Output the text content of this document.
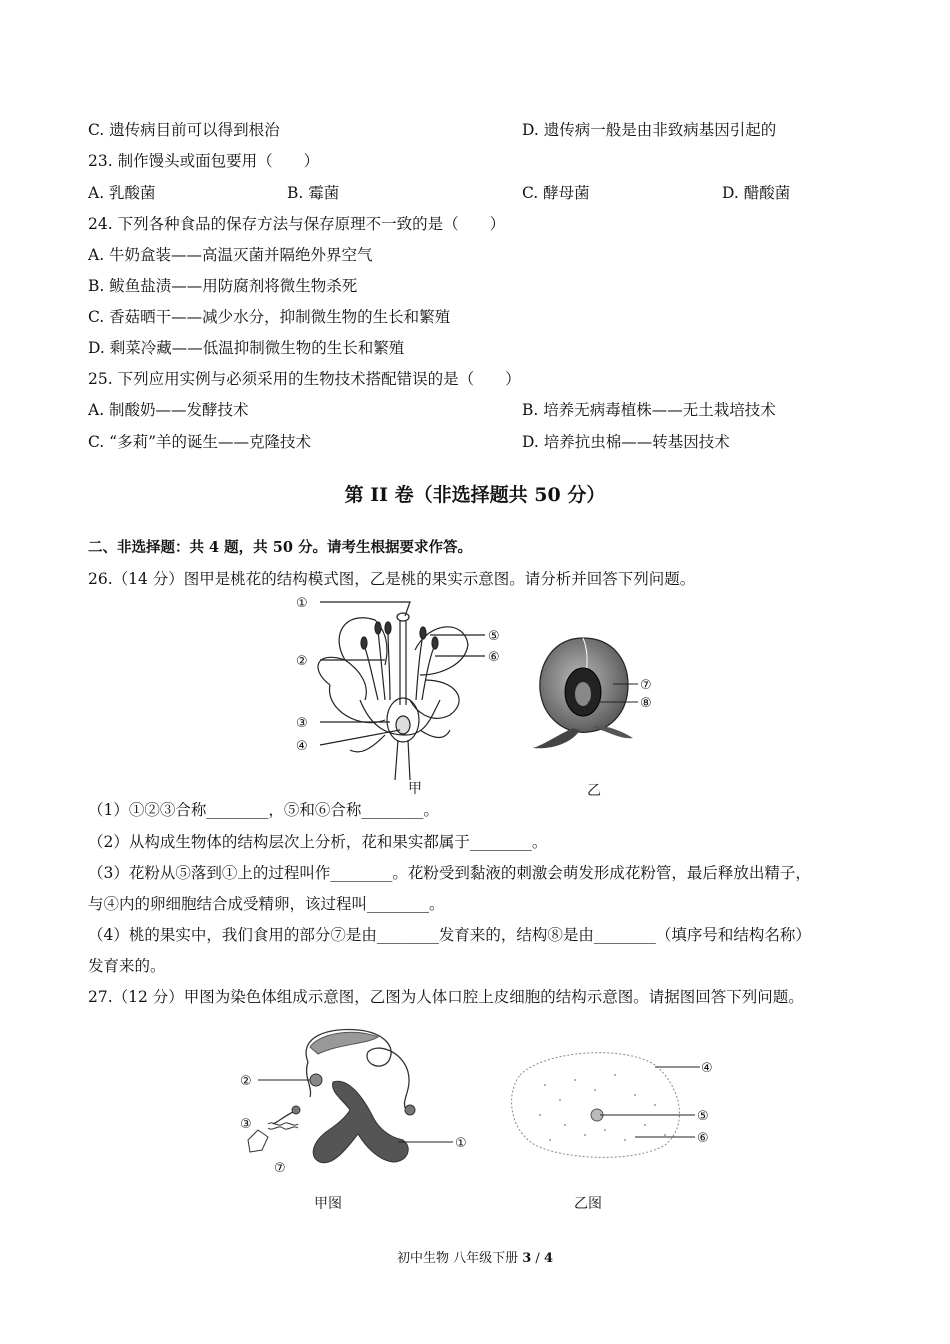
C. 遗传病目前可以得到根治	D. 遗传病一般是由非致病基因引起的
23. 制作馒头或面包要用（　　）
A. 乳酸菌	B. 霉菌	C. 酵母菌	D. 醋酸菌
24. 下列各种食品的保存方法与保存原理不一致的是（　　）
A. 牛奶盒装——高温灭菌并隔绝外界空气
B. 鲅鱼盐渍——用防腐剂将微生物杀死
C. 香菇晒干——减少水分，抑制微生物的生长和繁殖
D. 剩菜冷藏——低温抑制微生物的生长和繁殖
25. 下列应用实例与必须采用的生物技术搭配错误的是（　　）
A. 制酸奶——发酵技术	B. 培养无病毒植株——无土栽培技术
C. “多莉”羊的诞生——克隆技术	D. 培养抗虫棉——转基因技术
第 II 卷（非选择题共 50 分）
二、非选择题：共 4 题，共 50 分。请考生根据要求作答。
26.（14 分）图甲是桃花的结构模式图，乙是桃的果实示意图。请分析并回答下列问题。
①
②
③
④
⑤
⑥
甲
⑦
⑧
乙
（1）①②③合称________，⑤和⑥合称________。
（2）从构成生物体的结构层次上分析，花和果实都属于________。
（3）花粉从⑤落到①上的过程叫作________。花粉受到黏液的刺激会萌发形成花粉管，最后释放出精子，
与④内的卵细胞结合成受精卵，该过程叫________。
（4）桃的果实中，我们食用的部分⑦是由________发育来的，结构⑧是由________（填序号和结构名称）
发育来的。
27.（12 分）甲图为染色体组成示意图，乙图为人体口腔上皮细胞的结构示意图。请据图回答下列问题。
②
③
①
⑦
甲图
④
⑤
⑥
乙图
初中生物 八年级下册 3 / 4
